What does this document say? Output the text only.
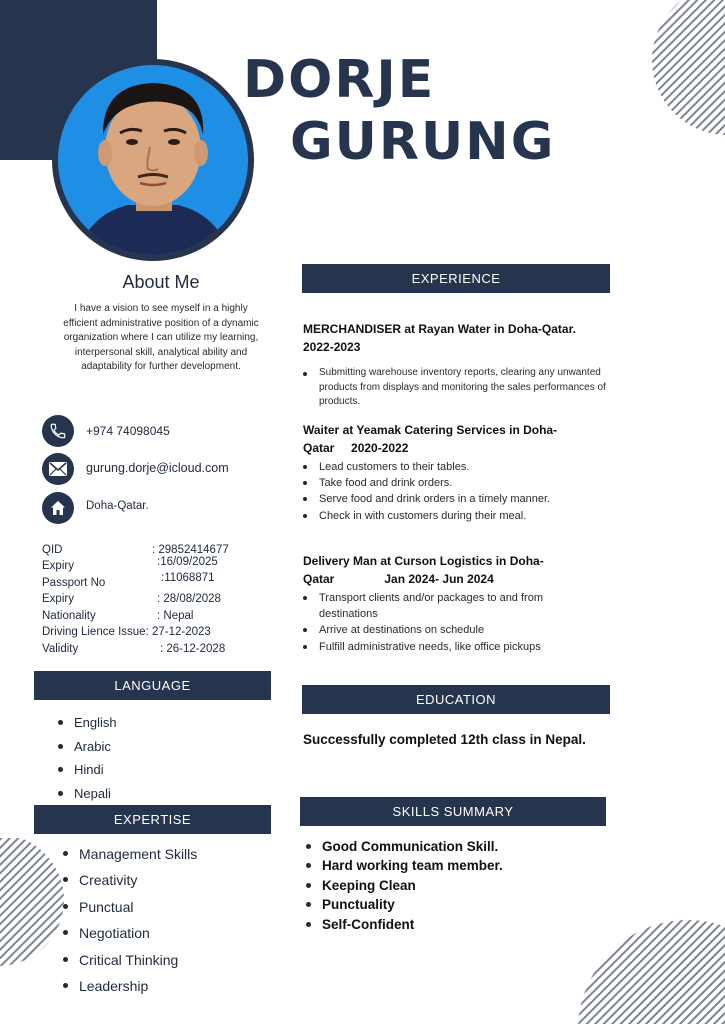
DORJE
GURUNG
About Me
I have a vision to see myself in a highly efficient administrative position of a dynamic organization where I can utilize my learning, interpersonal skill, analytical ability and adaptability for further development.
+974 74098045
gurung.dorje@icloud.com
Doha-Qatar.
QID	: 29852414677
Expiry	:16/09/2025
Passport No	:11068871
Expiry	: 28/08/2028
Nationality	: Nepal
Driving Lience Issue: 27-12-2023
Validity	: 26-12-2028
LANGUAGE
English
Arabic
Hindi
Nepali
EXPERTISE
Management Skills
Creativity
Punctual
Negotiation
Critical Thinking
Leadership
EXPERIENCE
MERCHANDISER at Rayan Water in Doha-Qatar.
2022-2023
Submitting warehouse inventory reports, clearing any unwanted products from displays and monitoring the sales performances of products.
Waiter at Yeamak Catering Services in Doha-
Qatar     2020-2022
Lead customers to their tables.
Take food and drink orders.
Serve food and drink orders in a timely manner.
Check in with customers during their meal.
Delivery Man at Curson Logistics in Doha-
Qatar               Jan 2024- Jun 2024
Transport clients and/or packages to and from destinations
Arrive at destinations on schedule
Fulfill administrative needs, like office pickups
EDUCATION
Successfully completed 12th class in Nepal.
SKILLS SUMMARY
Good Communication Skill.
Hard working team member.
Keeping Clean
Punctuality
Self-Confident
